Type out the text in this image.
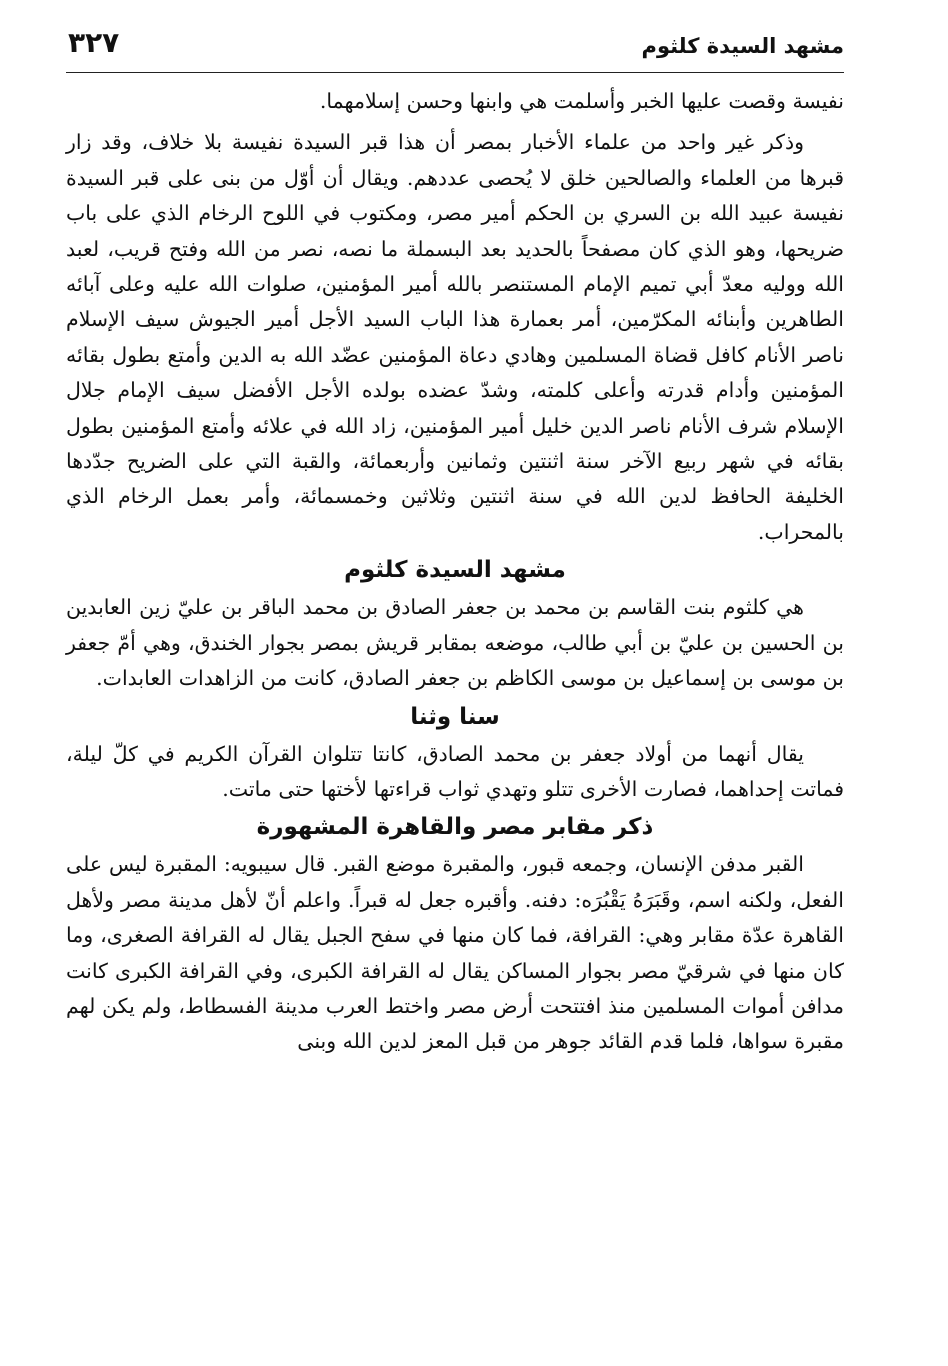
مشهد السيدة كلثوم
٣٢٧

نفيسة وقصت عليها الخبر وأسلمت هي وابنها وحسن إسلامهما.

وذكر غير واحد من علماء الأخبار بمصر أن هذا قبر السيدة نفيسة بلا خلاف، وقد زار قبرها من العلماء والصالحين خلق لا يُحصى عددهم. ويقال أن أوّل من بنى على قبر السيدة نفيسة عبيد الله بن السري بن الحكم أمير مصر، ومكتوب في اللوح الرخام الذي على باب ضريحها، وهو الذي كان مصفحاً بالحديد بعد البسملة ما نصه، نصر من الله وفتح قريب، لعبد الله ووليه معدّ أبي تميم الإمام المستنصر بالله أمير المؤمنين، صلوات الله عليه وعلى آبائه الطاهرين وأبنائه المكرّمين، أمر بعمارة هذا الباب السيد الأجل أمير الجيوش سيف الإسلام ناصر الأنام كافل قضاة المسلمين وهادي دعاة المؤمنين عضّد الله به الدين وأمتع بطول بقائه المؤمنين وأدام قدرته وأعلى كلمته، وشدّ عضده بولده الأجل الأفضل سيف الإمام جلال الإسلام شرف الأنام ناصر الدين خليل أمير المؤمنين، زاد الله في علائه وأمتع المؤمنين بطول بقائه في شهر ربيع الآخر سنة اثنتين وثمانين وأربعمائة، والقبة التي على الضريح جدّدها الخليفة الحافظ لدين الله في سنة اثنتين وثلاثين وخمسمائة، وأمر بعمل الرخام الذي بالمحراب.

مشهد السيدة كلثوم

هي كلثوم بنت القاسم بن محمد بن جعفر الصادق بن محمد الباقر بن عليّ زين العابدين بن الحسين بن عليّ بن أبي طالب، موضعه بمقابر قريش بمصر بجوار الخندق، وهي أمّ جعفر بن موسى بن إسماعيل بن موسى الكاظم بن جعفر الصادق، كانت من الزاهدات العابدات.

سنا وثنا

يقال أنهما من أولاد جعفر بن محمد الصادق، كانتا تتلوان القرآن الكريم في كلّ ليلة، فماتت إحداهما، فصارت الأخرى تتلو وتهدي ثواب قراءتها لأختها حتى ماتت.

ذكر مقابر مصر والقاهرة المشهورة

القبر مدفن الإنسان، وجمعه قبور، والمقبرة موضع القبر. قال سيبويه: المقبرة ليس على الفعل، ولكنه اسم، وقَبَرَهُ يَقْبُرَه: دفنه. وأقبره جعل له قبراً. واعلم أنّ لأهل مدينة مصر ولأهل القاهرة عدّة مقابر وهي: القرافة، فما كان منها في سفح الجبل يقال له القرافة الصغرى، وما كان منها في شرقيّ مصر بجوار المساكن يقال له القرافة الكبرى، وفي القرافة الكبرى كانت مدافن أموات المسلمين منذ افتتحت أرض مصر واختط العرب مدينة الفسطاط، ولم يكن لهم مقبرة سواها، فلما قدم القائد جوهر من قبل المعز لدين الله وبنى
